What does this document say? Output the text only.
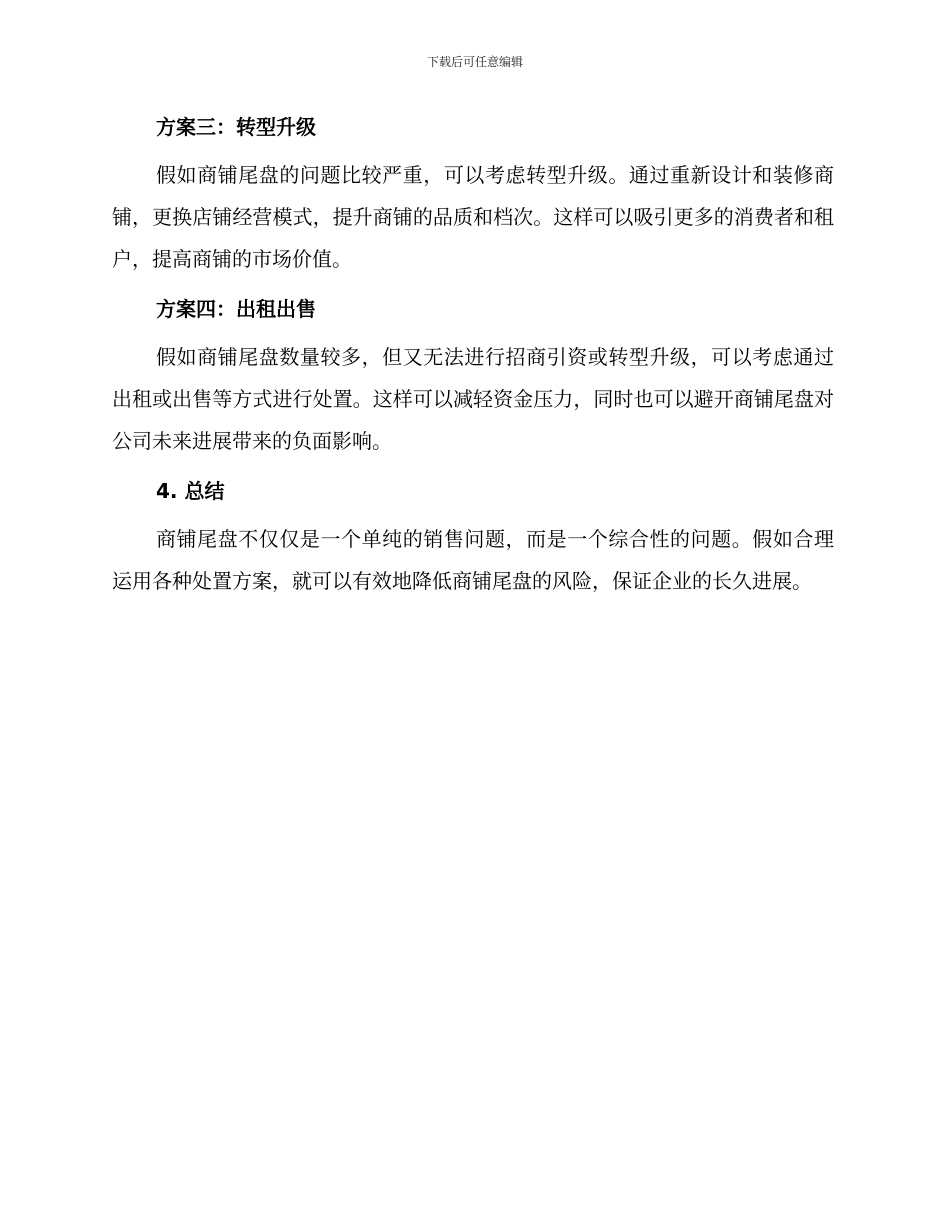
下载后可任意编辑
方案三：转型升级

假如商铺尾盘的问题比较严重，可以考虑转型升级。通过重新设计和装修商铺，更换店铺经营模式，提升商铺的品质和档次。这样可以吸引更多的消费者和租户，提高商铺的市场价值。

方案四：出租出售

假如商铺尾盘数量较多，但又无法进行招商引资或转型升级，可以考虑通过出租或出售等方式进行处置。这样可以减轻资金压力，同时也可以避开商铺尾盘对公司未来进展带来的负面影响。

4. 总结

商铺尾盘不仅仅是一个单纯的销售问题，而是一个综合性的问题。假如合理运用各种处置方案，就可以有效地降低商铺尾盘的风险，保证企业的长久进展。
